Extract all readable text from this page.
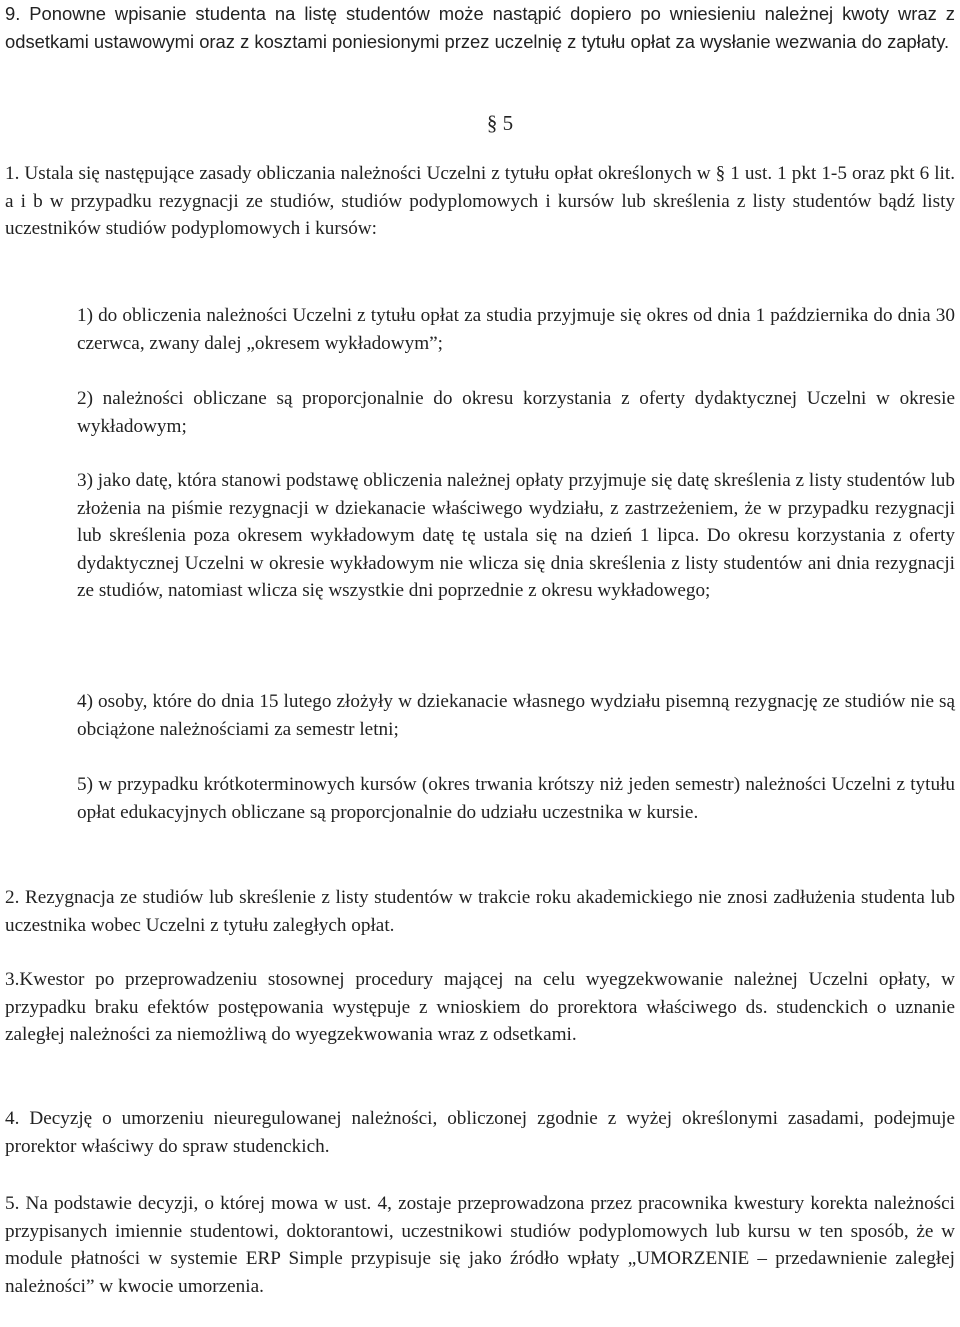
9. Ponowne wpisanie studenta na listę studentów może nastąpić dopiero po wniesieniu należnej kwoty wraz z odsetkami ustawowymi oraz z kosztami poniesionymi przez uczelnię z tytułu opłat za wysłanie wezwania do zapłaty.

§ 5

1. Ustala się następujące zasady obliczania należności Uczelni z tytułu opłat określonych w § 1 ust. 1 pkt 1-5 oraz pkt 6 lit. a i b w przypadku rezygnacji ze studiów, studiów podyplomowych i kursów lub skreślenia z listy studentów bądź listy uczestników studiów podyplomowych i kursów:

1) do obliczenia należności Uczelni z tytułu opłat za studia przyjmuje się okres od dnia 1 października do dnia 30 czerwca, zwany dalej „okresem wykładowym”;

2) należności obliczane są proporcjonalnie do okresu korzystania z oferty dydaktycznej Uczelni w okresie wykładowym;

3) jako datę, która stanowi podstawę obliczenia należnej opłaty przyjmuje się datę skreślenia z listy studentów lub złożenia na piśmie rezygnacji w dziekanacie właściwego wydziału, z zastrzeżeniem, że w przypadku rezygnacji lub skreślenia poza okresem wykładowym datę tę ustala się na dzień 1 lipca. Do okresu korzystania z oferty dydaktycznej Uczelni w okresie wykładowym nie wlicza się dnia skreślenia z listy studentów ani dnia rezygnacji ze studiów, natomiast wlicza się wszystkie dni poprzednie z okresu wykładowego;

4) osoby, które do dnia 15 lutego złożyły w dziekanacie własnego wydziału pisemną rezygnację ze studiów nie są obciążone należnościami za semestr letni;

5) w przypadku krótkoterminowych kursów (okres trwania krótszy niż jeden semestr) należności Uczelni z tytułu opłat edukacyjnych obliczane są proporcjonalnie do udziału uczestnika w kursie.

2. Rezygnacja ze studiów lub skreślenie z listy studentów w trakcie roku akademickiego nie znosi zadłużenia studenta lub uczestnika wobec Uczelni z tytułu zaległych opłat.

3.Kwestor po przeprowadzeniu stosownej procedury mającej na celu wyegzekwowanie należnej Uczelni opłaty, w przypadku braku efektów postępowania występuje z wnioskiem do prorektora właściwego ds. studenckich o uznanie zaległej należności za niemożliwą do wyegzekwowania wraz z odsetkami.

4. Decyzję o umorzeniu nieuregulowanej należności, obliczonej zgodnie z wyżej określonymi zasadami, podejmuje prorektor właściwy do spraw studenckich.

5. Na podstawie decyzji, o której mowa w ust. 4, zostaje przeprowadzona przez pracownika kwestury korekta należności przypisanych imiennie studentowi, doktorantowi, uczestnikowi studiów podyplomowych lub kursu w ten sposób, że w module płatności w systemie ERP Simple przypisuje się jako źródło wpłaty „UMORZENIE – przedawnienie zaległej należności” w kwocie umorzenia.
